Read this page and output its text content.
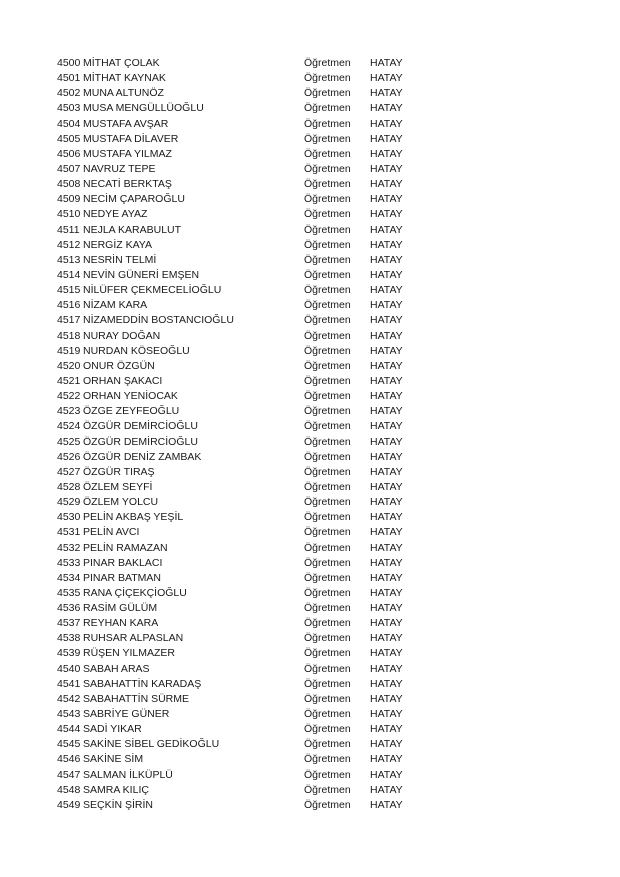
4500 MİTHAT ÇOLAK	Öğretmen HATAY
4501 MİTHAT KAYNAK	Öğretmen HATAY
4502 MUNA ALTUNÖZ	Öğretmen HATAY
4503 MUSA MENGÜLLÜOĞLU	Öğretmen HATAY
4504 MUSTAFA AVŞAR	Öğretmen HATAY
4505 MUSTAFA DİLAVER	Öğretmen HATAY
4506 MUSTAFA YILMAZ	Öğretmen HATAY
4507 NAVRUZ TEPE	Öğretmen HATAY
4508 NECATİ BERKTAŞ	Öğretmen HATAY
4509 NECİM ÇAPAROĞLU	Öğretmen HATAY
4510 NEDYE AYAZ	Öğretmen HATAY
4511 NEJLA KARABULUT	Öğretmen HATAY
4512 NERGİZ KAYA	Öğretmen HATAY
4513 NESRİN TELMİ	Öğretmen HATAY
4514 NEVİN GÜNERİ EMŞEN	Öğretmen HATAY
4515 NİLÜFER ÇEKMECELİOĞLU	Öğretmen HATAY
4516 NİZAM KARA	Öğretmen HATAY
4517 NİZAMEDDİN BOSTANCIOĞLU	Öğretmen HATAY
4518 NURAY DOĞAN	Öğretmen HATAY
4519 NURDAN KÖSEOĞLU	Öğretmen HATAY
4520 ONUR ÖZGÜN	Öğretmen HATAY
4521 ORHAN ŞAKACI	Öğretmen HATAY
4522 ORHAN YENİOCAK	Öğretmen HATAY
4523 ÖZGE ZEYFEOĞLU	Öğretmen HATAY
4524 ÖZGÜR DEMİRCİOĞLU	Öğretmen HATAY
4525 ÖZGÜR DEMİRCİOĞLU	Öğretmen HATAY
4526 ÖZGÜR DENİZ ZAMBAK	Öğretmen HATAY
4527 ÖZGÜR TIRAŞ	Öğretmen HATAY
4528 ÖZLEM SEYFİ	Öğretmen HATAY
4529 ÖZLEM YOLCU	Öğretmen HATAY
4530 PELİN AKBAŞ YEŞİL	Öğretmen HATAY
4531 PELİN AVCI	Öğretmen HATAY
4532 PELİN RAMAZAN	Öğretmen HATAY
4533 PINAR BAKLACI	Öğretmen HATAY
4534 PINAR BATMAN	Öğretmen HATAY
4535 RANA ÇİÇEKÇİOĞLU	Öğretmen HATAY
4536 RASİM GÜLÜM	Öğretmen HATAY
4537 REYHAN KARA	Öğretmen HATAY
4538 RUHSAR ALPASLAN	Öğretmen HATAY
4539 RÜŞEN YILMAZER	Öğretmen HATAY
4540 SABAH ARAS	Öğretmen HATAY
4541 SABAHATTİN KARADAŞ	Öğretmen HATAY
4542 SABAHATTİN SÜRME	Öğretmen HATAY
4543 SABRİYE GÜNER	Öğretmen HATAY
4544 SADİ YIKAR	Öğretmen HATAY
4545 SAKİNE SİBEL GEDİKOĞLU	Öğretmen HATAY
4546 SAKİNE SİM	Öğretmen HATAY
4547 SALMAN İLKÜPLÜ	Öğretmen HATAY
4548 SAMRA KILIÇ	Öğretmen HATAY
4549 SEÇKİN ŞİRİN	Öğretmen HATAY
